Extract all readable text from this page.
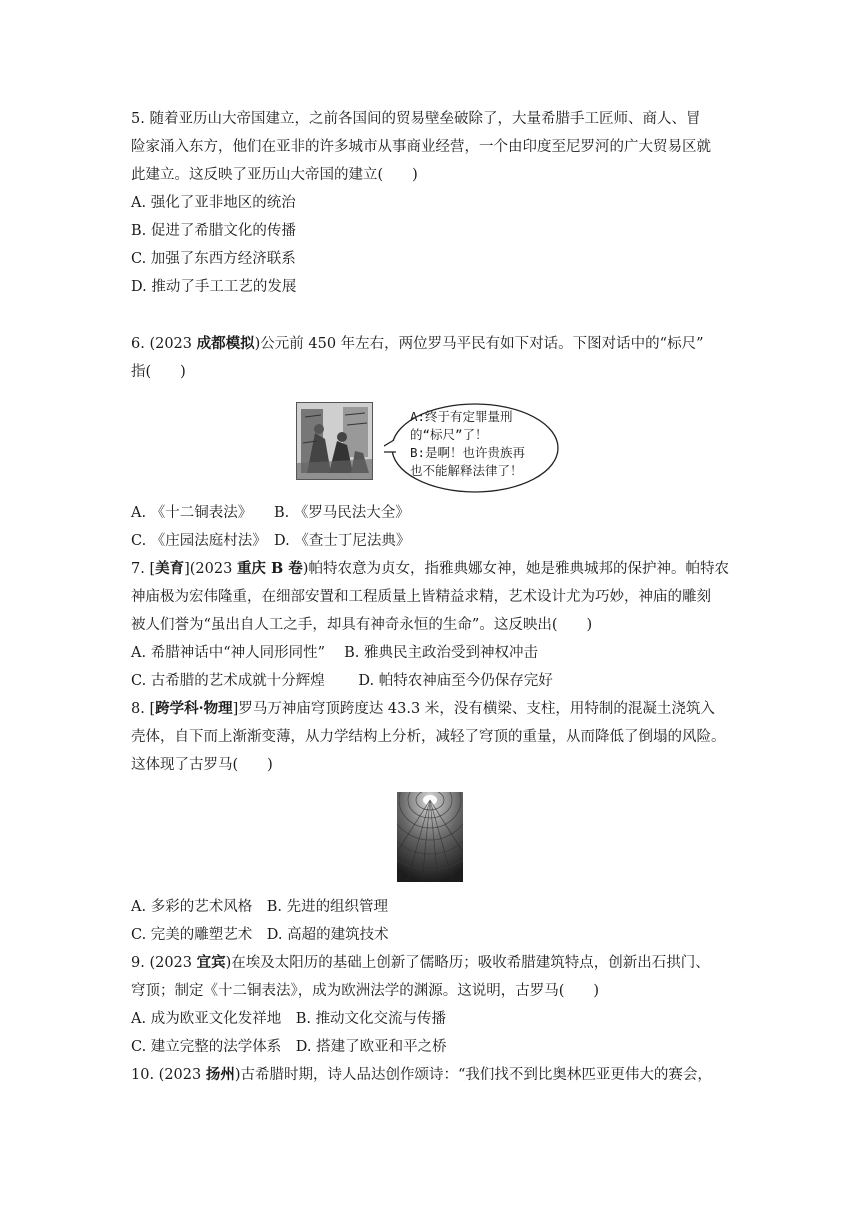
5. 随着亚历山大帝国建立，之前各国间的贸易壁垒破除了，大量希腊手工匠师、商人、冒
险家涌入东方，他们在亚非的许多城市从事商业经营，一个由印度至尼罗河的广大贸易区就
此建立。这反映了亚历山大帝国的建立(　　)
A. 强化了亚非地区的统治
B. 促进了希腊文化的传播
C. 加强了东西方经济联系
D. 推动了手工工艺的发展
6. (2023 成都模拟)公元前 450 年左右，两位罗马平民有如下对话。下图对话中的“标尺”
指(　　)
A:终于有定罪量刑
的“标尺”了！
B:是啊！也许贵族再
也不能解释法律了！
A. 《十二铜表法》　　B. 《罗马民法大全》
C. 《庄园法庭村法》　D. 《查士丁尼法典》
7. [美育](2023 重庆 B 卷)帕特农意为贞女，指雅典娜女神，她是雅典城邦的保护神。帕特农
神庙极为宏伟隆重，在细部安置和工程质量上皆精益求精，艺术设计尤为巧妙，神庙的雕刻
被人们誉为“虽出自人工之手，却具有神奇永恒的生命”。这反映出(　　)
A. 希腊神话中“神人同形同性”　 B. 雅典民主政治受到神权冲击
C. 古希腊的艺术成就十分辉煌　　 D. 帕特农神庙至今仍保存完好
8. [跨学科·物理]罗马万神庙穹顶跨度达 43.3 米，没有横梁、支柱，用特制的混凝土浇筑入
壳体，自下而上渐渐变薄，从力学结构上分析，减轻了穹顶的重量，从而降低了倒塌的风险。
这体现了古罗马(　　)
A. 多彩的艺术风格　B. 先进的组织管理
C. 完美的雕塑艺术　D. 高超的建筑技术
9. (2023 宜宾)在埃及太阳历的基础上创新了儒略历；吸收希腊建筑特点，创新出石拱门、
穹顶；制定《十二铜表法》，成为欧洲法学的渊源。这说明，古罗马(　　)
A. 成为欧亚文化发祥地　B. 推动文化交流与传播
C. 建立完整的法学体系　D. 搭建了欧亚和平之桥
10. (2023 扬州)古希腊时期，诗人品达创作颂诗：“我们找不到比奥林匹亚更伟大的赛会，
